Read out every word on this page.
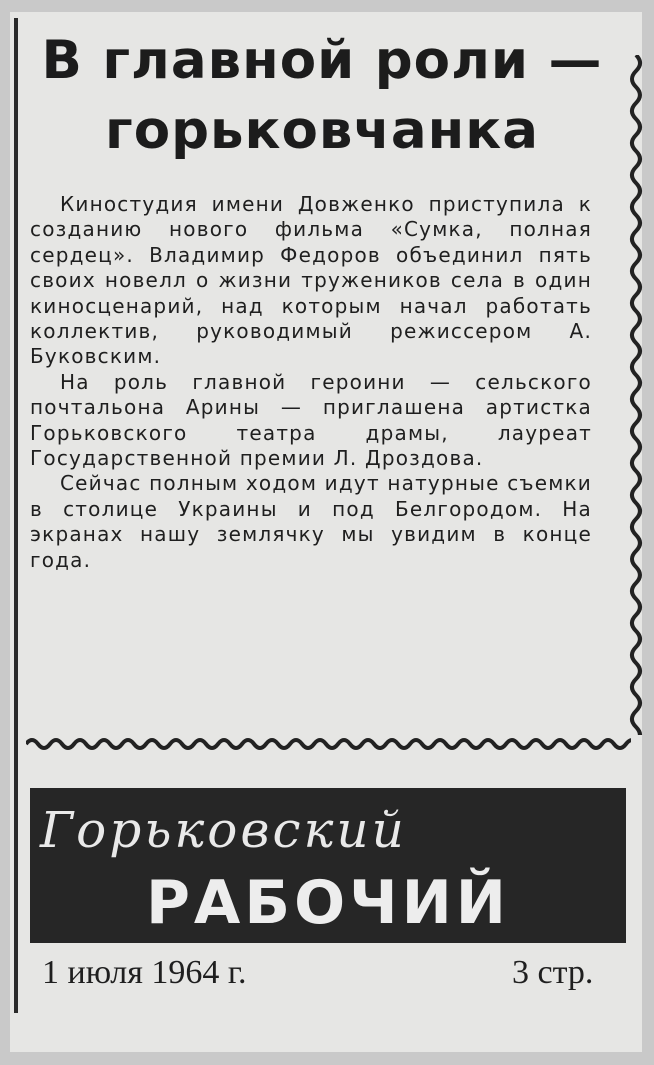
В главной роли —
горьковчанка

Киностудия имени Довженко приступила к созданию нового фильма «Сумка, полная сердец». Владимир Федоров объединил пять своих новелл о жизни тружеников села в один киносценарий, над которым начал работать коллектив, руководимый режиссером А. Буковским.

На роль главной героини — сельского почтальона Арины — приглашена артистка Горьковского театра драмы, лауреат Государственной премии Л. Дроздова.

Сейчас полным ходом идут натурные съемки в столице Украины и под Белгородом. На экранах нашу землячку мы увидим в конце года.

Горьковский
РАБОЧИЙ
1 июля 1964 г.	3 стр.
